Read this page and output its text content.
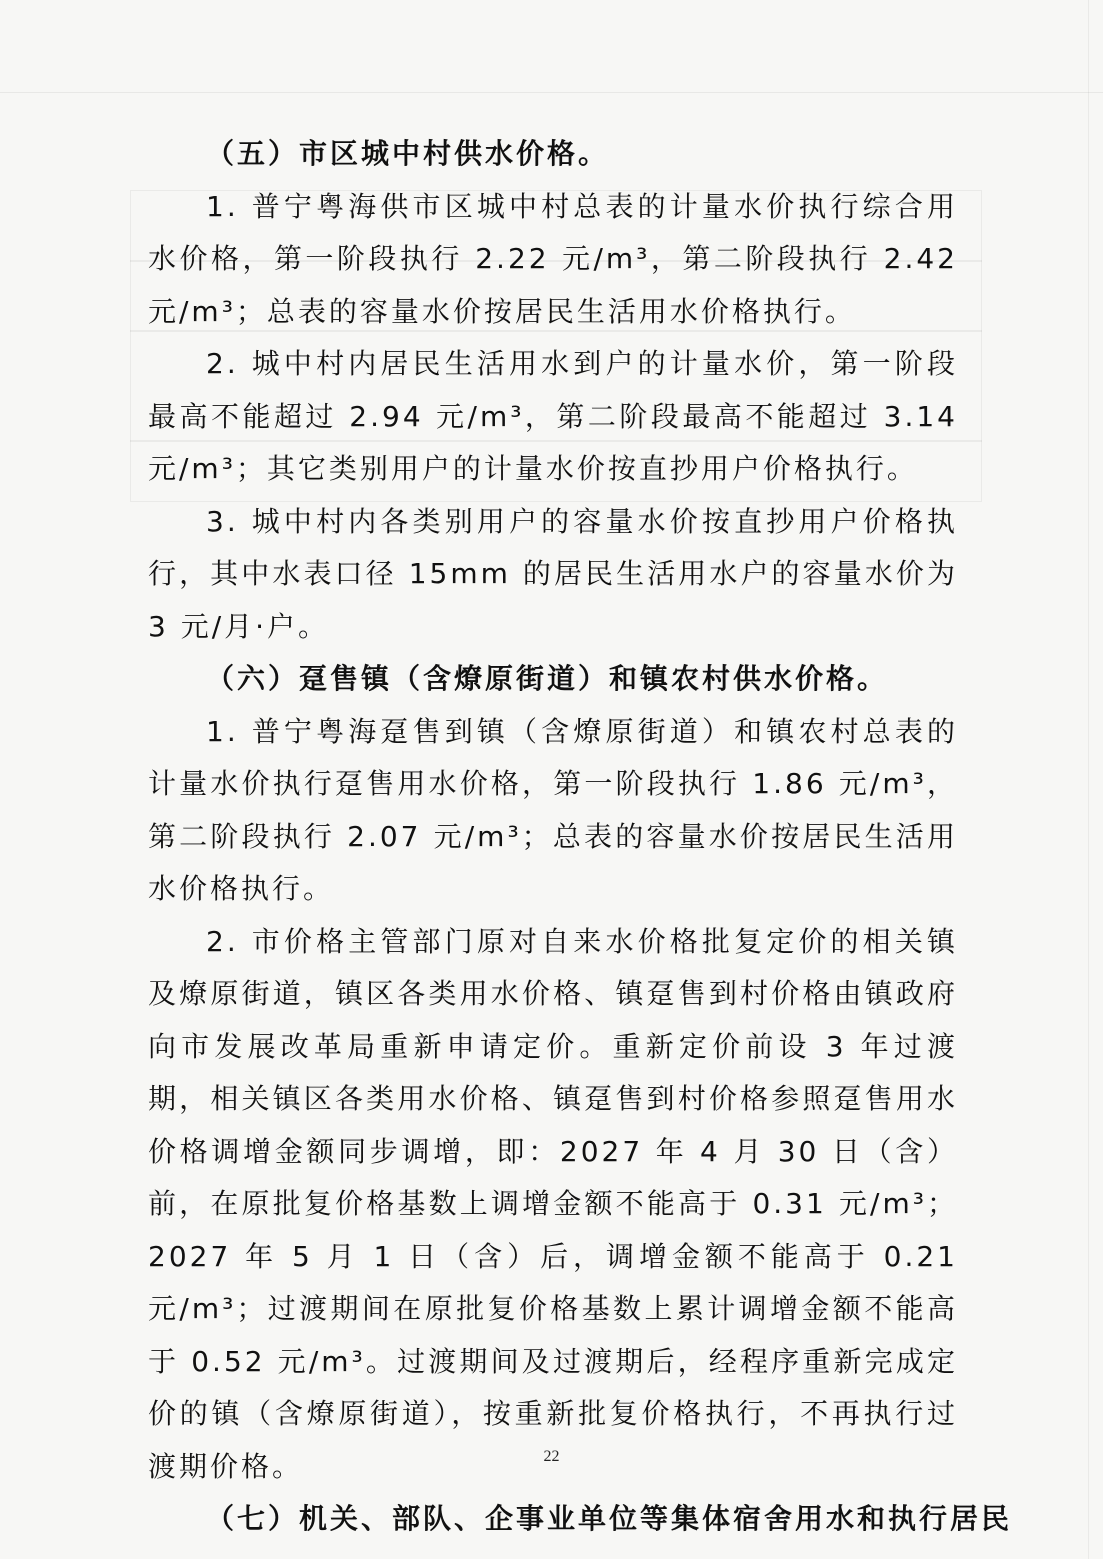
（五）市区城中村供水价格。

1. 普宁粤海供市区城中村总表的计量水价执行综合用水价格，第一阶段执行 2.22 元/m³，第二阶段执行 2.42 元/m³；总表的容量水价按居民生活用水价格执行。

2. 城中村内居民生活用水到户的计量水价，第一阶段最高不能超过 2.94 元/m³，第二阶段最高不能超过 3.14 元/m³；其它类别用户的计量水价按直抄用户价格执行。

3. 城中村内各类别用户的容量水价按直抄用户价格执行，其中水表口径 15mm 的居民生活用水户的容量水价为 3 元/月·户。

（六）趸售镇（含燎原街道）和镇农村供水价格。

1. 普宁粤海趸售到镇（含燎原街道）和镇农村总表的计量水价执行趸售用水价格，第一阶段执行 1.86 元/m³，第二阶段执行 2.07 元/m³；总表的容量水价按居民生活用水价格执行。

2. 市价格主管部门原对自来水价格批复定价的相关镇及燎原街道，镇区各类用水价格、镇趸售到村价格由镇政府向市发展改革局重新申请定价。重新定价前设 3 年过渡期，相关镇区各类用水价格、镇趸售到村价格参照趸售用水价格调增金额同步调增，即：2027 年 4 月 30 日（含）前，在原批复价格基数上调增金额不能高于 0.31 元/m³；2027 年 5 月 1 日（含）后，调增金额不能高于 0.21 元/m³；过渡期间在原批复价格基数上累计调增金额不能高于 0.52 元/m³。过渡期间及过渡期后，经程序重新完成定价的镇（含燎原街道），按重新批复价格执行，不再执行过渡期价格。

（七）机关、部队、企事业单位等集体宿舍用水和执行居民

22
